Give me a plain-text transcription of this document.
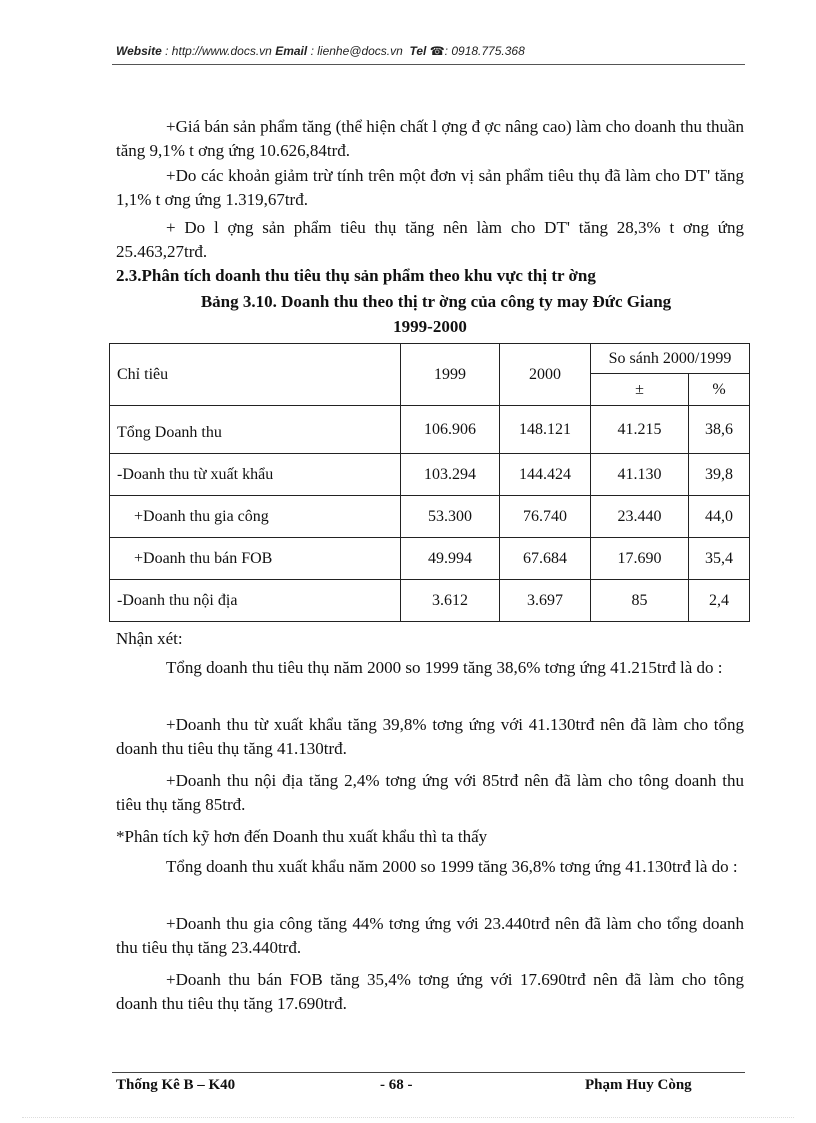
Website : http://www.docs.vn Email : lienhe@docs.vn Tel ☎: 0918.775.368

+Giá bán sản phẩm tăng (thể hiện chất l ợng đ ợc nâng cao) làm cho doanh thu thuần tăng 9,1% t ơng ứng 10.626,84trđ.

+Do các khoản giảm trừ tính trên một đơn vị sản phẩm tiêu thụ đã làm cho DT' tăng 1,1% t ơng ứng 1.319,67trđ.

+ Do l ợng sản phẩm tiêu thụ tăng nên làm cho DT' tăng 28,3% t ơng ứng 25.463,27trđ.

2.3.Phân tích doanh thu tiêu thụ sản phẩm theo khu vực thị tr ờng

Bảng 3.10. Doanh thu theo thị tr ờng của công ty may Đức Giang

1999-2000

Chỉ tiêu	1999	2000	So sánh 2000/1999	
			±	%
Tổng Doanh thu	106.906	148.121	41.215	38,6
-Doanh thu từ xuất khẩu	103.294	144.424	41.130	39,8
+Doanh thu gia công	53.300	76.740	23.440	44,0
+Doanh thu bán FOB	49.994	67.684	17.690	35,4
-Doanh thu nội địa	3.612	3.697	85	2,4

Nhận xét:

Tổng doanh thu tiêu thụ năm 2000 so 1999 tăng 38,6% tơng ứng 41.215trđ là do :

+Doanh thu từ xuất khẩu tăng 39,8% tơng ứng với 41.130trđ nên đã làm cho tổng doanh thu tiêu thụ tăng 41.130trđ.

+Doanh thu nội địa tăng 2,4% tơng ứng với 85trđ nên đã làm cho tông doanh thu tiêu thụ tăng 85trđ.

*Phân tích kỹ hơn đến Doanh thu xuất khẩu thì ta thấy

Tổng doanh thu xuất khẩu năm 2000 so 1999 tăng 36,8% tơng ứng 41.130trđ là do :

+Doanh thu gia công tăng 44% tơng ứng với 23.440trđ nên đã làm cho tổng doanh thu tiêu thụ tăng 23.440trđ.

+Doanh thu bán FOB tăng 35,4% tơng ứng với 17.690trđ nên đã làm cho tông doanh thu tiêu thụ tăng 17.690trđ.

Thống Kê B – K40	- 68 -	Phạm Huy Còng
